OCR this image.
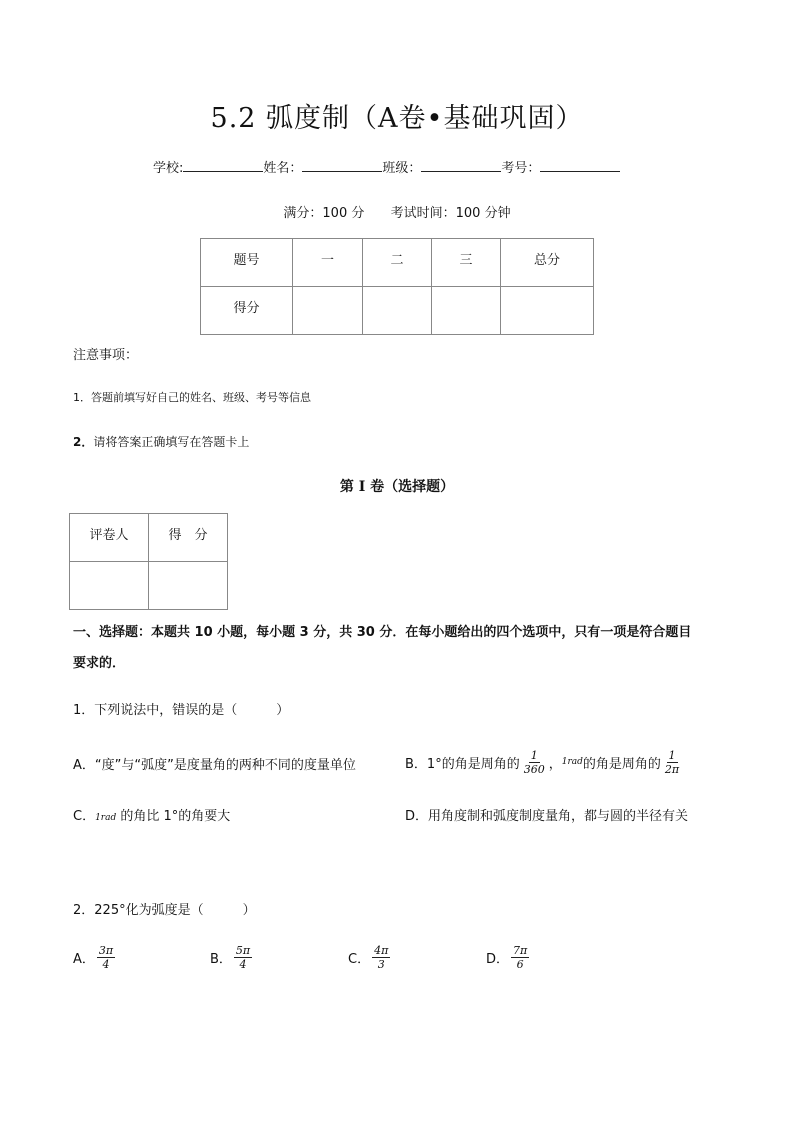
5.2 弧度制（A卷•基础巩固）
学校:	姓名：	班级：	考号：
满分：100 分 考试时间：100 分钟
题号	一	二	三	总分
得分				
注意事项：
1．答题前填写好自己的姓名、班级、考号等信息
2．请将答案正确填写在答题卡上
第 I 卷（选择题）
评卷人	得　分

一、选择题：本题共 10 小题，每小题 3 分，共 30 分．在每小题给出的四个选项中，只有一项是符合题目
要求的．
1．下列说法中，错误的是（　　　）
A．“度”与“弧度”是度量角的两种不同的度量单位	B． 1°的角是周角的 $\frac{1}{360}$ ， 1rad 的角是周角的 $\frac{1}{2\pi}$
C．1rad 的角比 1°的角要大	D．用角度制和弧度制度量角，都与圆的半径有关
2．225°化为弧度是（　　　）
A． $\frac{3\pi}{4}$	B． $\frac{5\pi}{4}$	C． $\frac{4\pi}{3}$	D． $\frac{7\pi}{6}$
